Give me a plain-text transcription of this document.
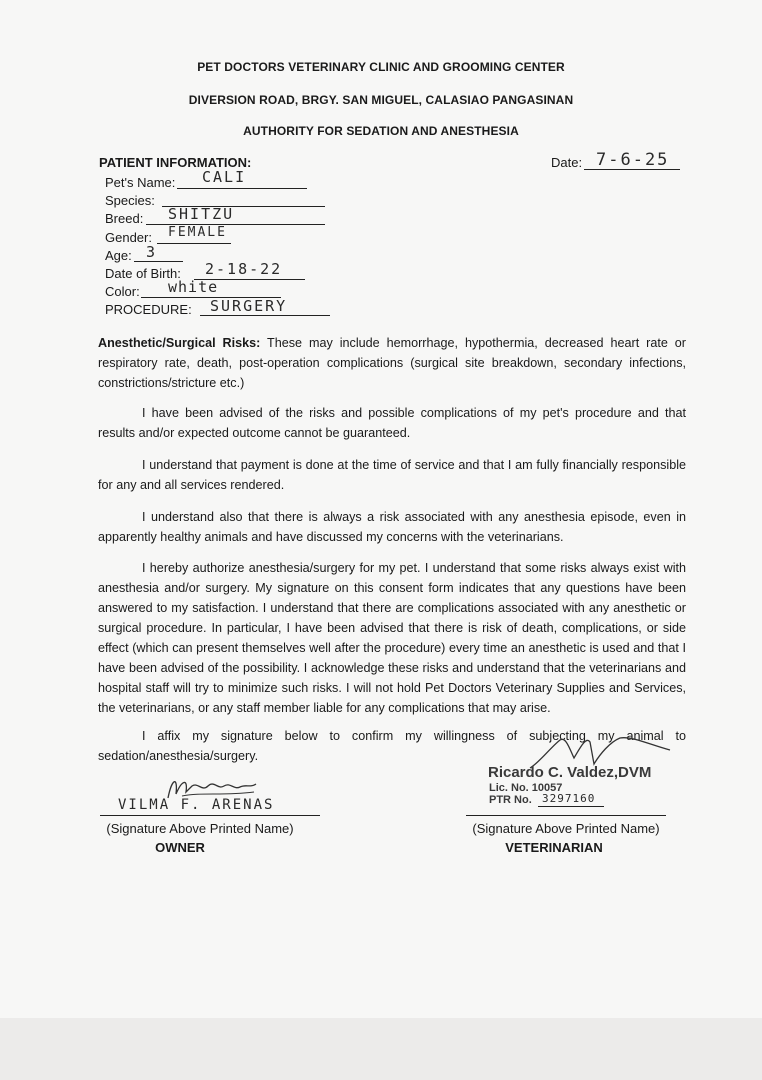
PET DOCTORS VETERINARY CLINIC AND GROOMING CENTER
DIVERSION ROAD, BRGY. SAN MIGUEL, CALASIAO PANGASINAN
AUTHORITY FOR SEDATION AND ANESTHESIA
PATIENT INFORMATION:	Date: 7-6-25
Pet's Name: CALI
Species:
Breed: SHITZU
Gender: FEMALE
Age: 3
Date of Birth: 2-18-22
Color: white
PROCEDURE: SURGERY
Anesthetic/Surgical Risks: These may include hemorrhage, hypothermia, decreased heart rate or respiratory rate, death, post-operation complications (surgical site breakdown, secondary infections, constrictions/stricture etc.)
I have been advised of the risks and possible complications of my pet's procedure and that results and/or expected outcome cannot be guaranteed.
I understand that payment is done at the time of service and that I am fully financially responsible for any and all services rendered.
I understand also that there is always a risk associated with any anesthesia episode, even in apparently healthy animals and have discussed my concerns with the veterinarians.
I hereby authorize anesthesia/surgery for my pet. I understand that some risks always exist with anesthesia and/or surgery. My signature on this consent form indicates that any questions have been answered to my satisfaction. I understand that there are complications associated with any anesthetic or surgical procedure. In particular, I have been advised that there is risk of death, complications, or side effect (which can present themselves well after the procedure) every time an anesthetic is used and that I have been advised of the possibility. I acknowledge these risks and understand that the veterinarians and hospital staff will try to minimize such risks. I will not hold Pet Doctors Veterinary Supplies and Services, the veterinarians, or any staff member liable for any complications that may arise.
I affix my signature below to confirm my willingness of subjecting my animal to sedation/anesthesia/surgery.
VILMA F. ARENAS
(Signature Above Printed Name)
OWNER
Ricardo C. Valdez,DVM
Lic. No. 10057
PTR No. 3297160
(Signature Above Printed Name)
VETERINARIAN
